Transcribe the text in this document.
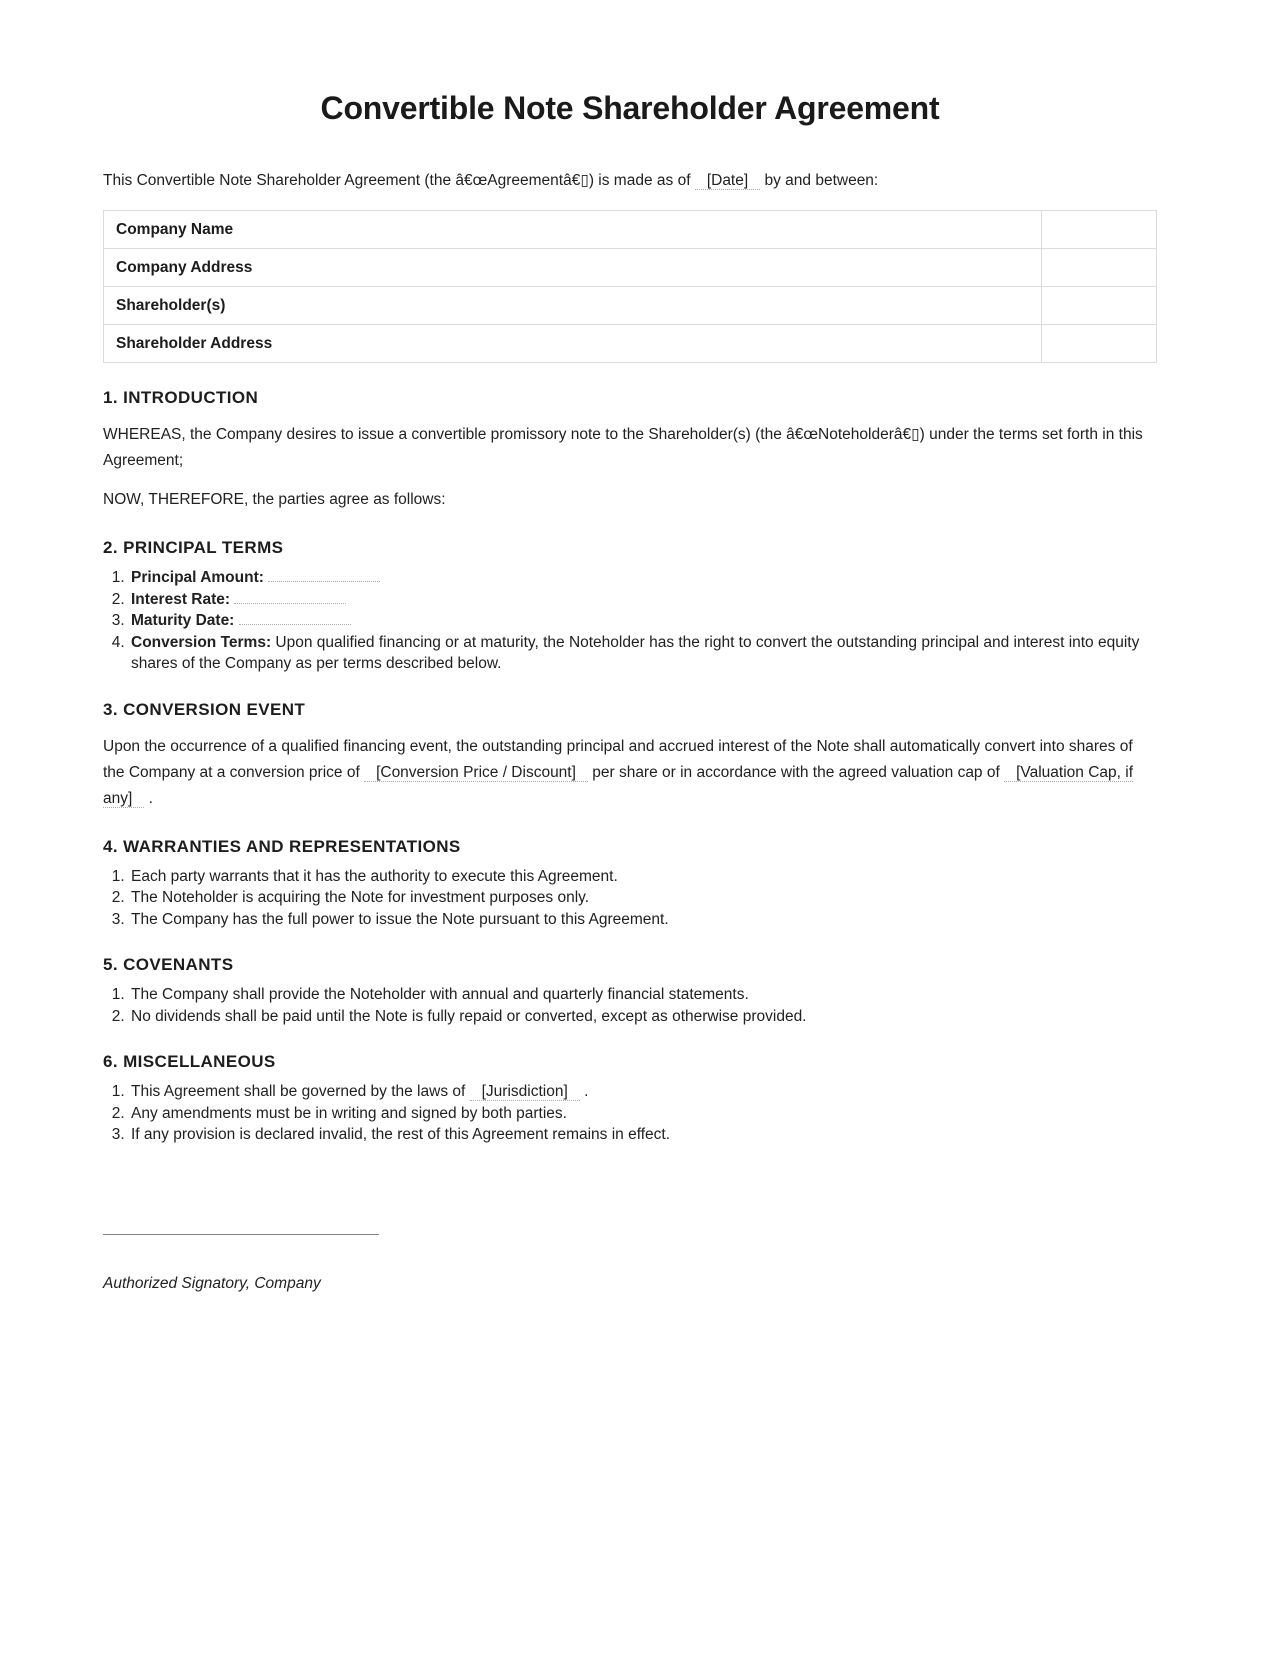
Convertible Note Shareholder Agreement

This Convertible Note Shareholder Agreement (the â€œAgreementâ€▯) is made as of [Date] by and between:

Company Name	
Company Address	
Shareholder(s)	
Shareholder Address	
1. INTRODUCTION

WHEREAS, the Company desires to issue a convertible promissory note to the Shareholder(s) (the â€œNoteholderâ€▯) under the terms set forth in this Agreement;

NOW, THEREFORE, the parties agree as follows:

2. PRINCIPAL TERMS
1. Principal Amount:
2. Interest Rate:
3. Maturity Date:
4. Conversion Terms: Upon qualified financing or at maturity, the Noteholder has the right to convert the outstanding principal and interest into equity shares of the Company as per terms described below.
3. CONVERSION EVENT

Upon the occurrence of a qualified financing event, the outstanding principal and accrued interest of the Note shall automatically convert into shares of the Company at a conversion price of [Conversion Price / Discount] per share or in accordance with the agreed valuation cap of [Valuation Cap, if any] .

4. WARRANTIES AND REPRESENTATIONS
1. Each party warrants that it has the authority to execute this Agreement.
2. The Noteholder is acquiring the Note for investment purposes only.
3. The Company has the full power to issue the Note pursuant to this Agreement.
5. COVENANTS
1. The Company shall provide the Noteholder with annual and quarterly financial statements.
2. No dividends shall be paid until the Note is fully repaid or converted, except as otherwise provided.
6. MISCELLANEOUS
1. This Agreement shall be governed by the laws of [Jurisdiction] .
2. Any amendments must be in writing and signed by both parties.
3. If any provision is declared invalid, the rest of this Agreement remains in effect.

Authorized Signatory, Company
